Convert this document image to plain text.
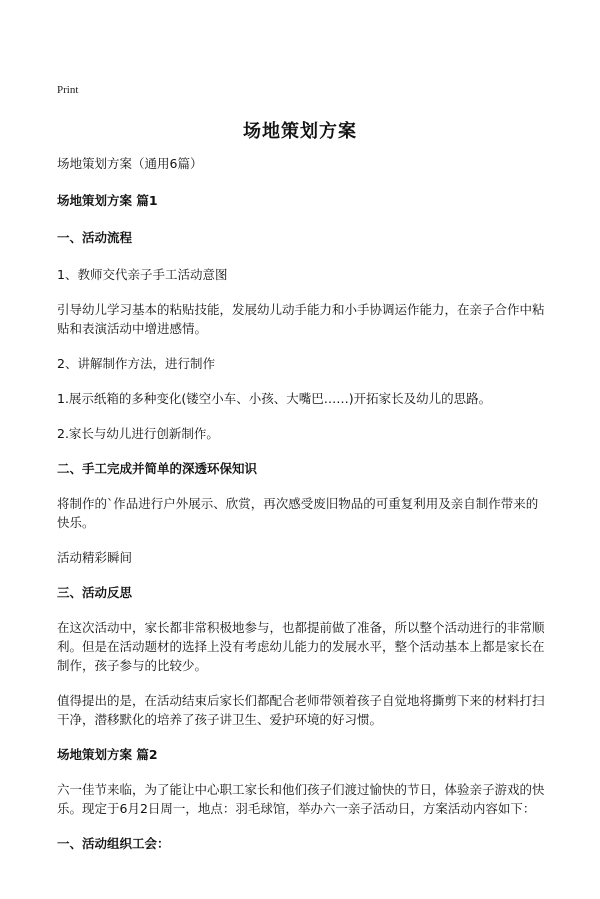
Print
场地策划方案

场地策划方案（通用6篇）

场地策划方案 篇1

一、活动流程

1、教师交代亲子手工活动意图

引导幼儿学习基本的粘贴技能，发展幼儿动手能力和小手协调运作能力，在亲子合作中粘贴和表演活动中增进感情。

2、讲解制作方法，进行制作

1.展示纸箱的多种变化(镂空小车、小孩、大嘴巴……)开拓家长及幼儿的思路。

2.家长与幼儿进行创新制作。

二、手工完成并简单的深透环保知识

将制作的`作品进行户外展示、欣赏，再次感受废旧物品的可重复利用及亲自制作带来的快乐。

活动精彩瞬间

三、活动反思

在这次活动中，家长都非常积极地参与，也都提前做了准备，所以整个活动进行的非常顺利。但是在活动题材的选择上没有考虑幼儿能力的发展水平，整个活动基本上都是家长在制作，孩子参与的比较少。

值得提出的是，在活动结束后家长们都配合老师带领着孩子自觉地将撕剪下来的材料打扫干净，潜移默化的培养了孩子讲卫生、爱护环境的好习惯。

场地策划方案 篇2

六一佳节来临，为了能让中心职工家长和他们孩子们渡过愉快的节日，体验亲子游戏的快乐。现定于6月2日周一，地点：羽毛球馆，举办六一亲子活动日，方案活动内容如下：

一、活动组织工会：
